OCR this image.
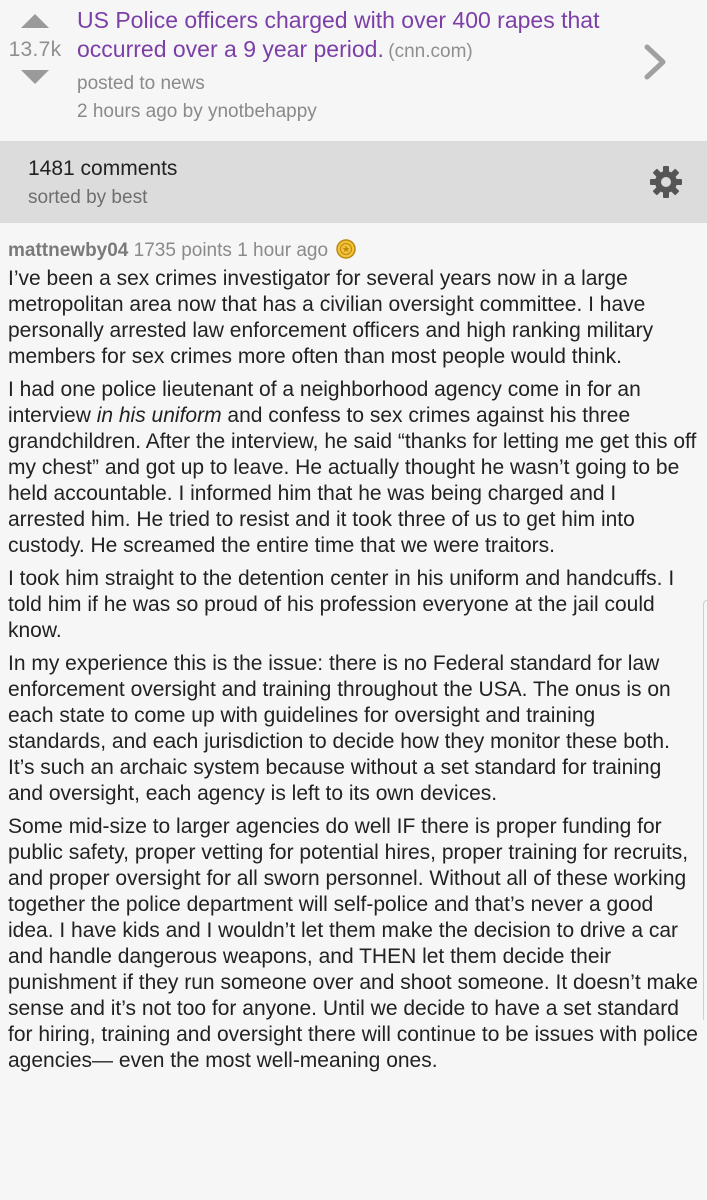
13.7k
US Police officers charged with over 400 rapes that occurred over a 9 year period. (cnn.com)
posted to news
2 hours ago by ynotbehappy
1481 comments
sorted by best
mattnewby04 1735 points 1 hour ago

I’ve been a sex crimes investigator for several years now in a large metropolitan area now that has a civilian oversight committee. I have personally arrested law enforcement officers and high ranking military members for sex crimes more often than most people would think.

I had one police lieutenant of a neighborhood agency come in for an interview in his uniform and confess to sex crimes against his three grandchildren. After the interview, he said “thanks for letting me get this off my chest” and got up to leave. He actually thought he wasn’t going to be held accountable. I informed him that he was being charged and I arrested him. He tried to resist and it took three of us to get him into custody. He screamed the entire time that we were traitors.

I took him straight to the detention center in his uniform and handcuffs. I told him if he was so proud of his profession everyone at the jail could know.

In my experience this is the issue: there is no Federal standard for law enforcement oversight and training throughout the USA. The onus is on each state to come up with guidelines for oversight and training standards, and each jurisdiction to decide how they monitor these both. It’s such an archaic system because without a set standard for training and oversight, each agency is left to its own devices.

Some mid-size to larger agencies do well IF there is proper funding for public safety, proper vetting for potential hires, proper training for recruits, and proper oversight for all sworn personnel. Without all of these working together the police department will self-police and that’s never a good idea. I have kids and I wouldn’t let them make the decision to drive a car and handle dangerous weapons, and THEN let them decide their punishment if they run someone over and shoot someone. It doesn’t make sense and it’s not too for anyone. Until we decide to have a set standard for hiring, training and oversight there will continue to be issues with police agencies— even the most well-meaning ones.
